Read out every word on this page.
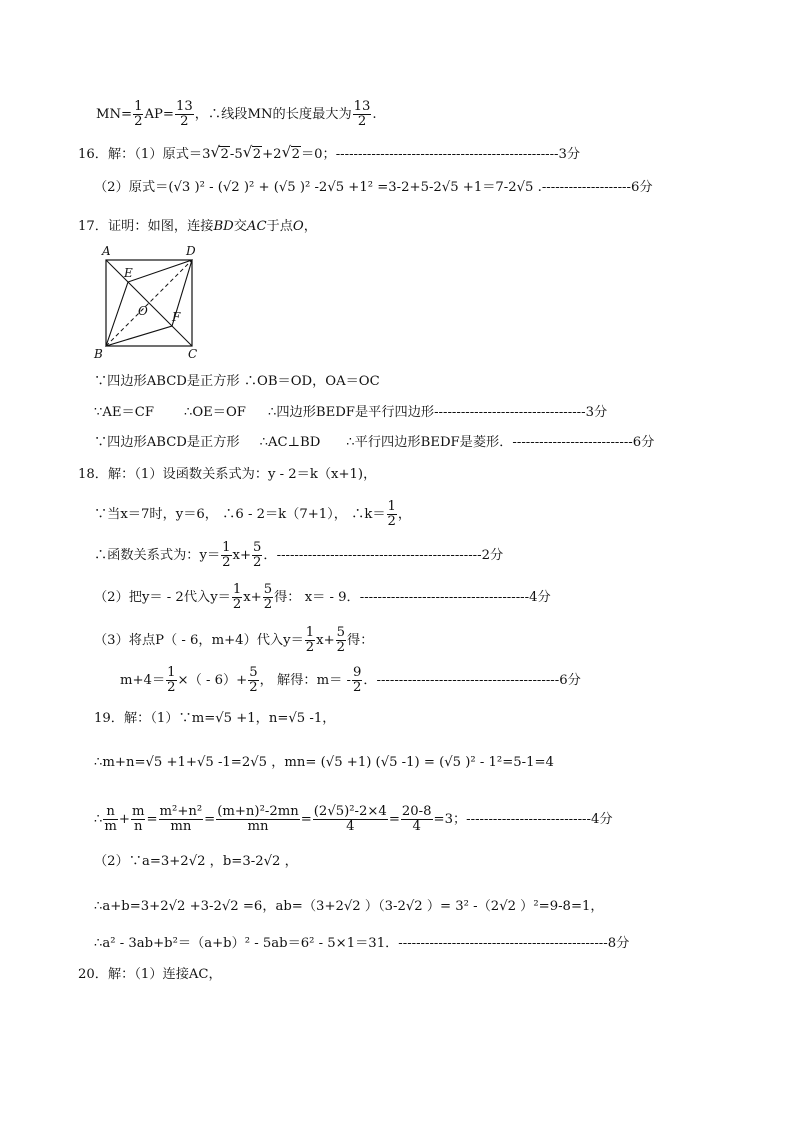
$MN= \frac{1}{2} AP= \frac{13}{2}$ ，∴线段MN的长度最大为 $\frac{13}{2}$ .
16．解：（1）原式＝3 √ 2-5 √ 2+2 √ 2＝0；--------------------------------------------------3分
（2）原式＝(√3 )² - (√2 )² + (√5 )² -2√5 +1² =3-2+5-2√5 +1＝7-2√5 .--------------------6分
17．证明：如图，连接BD交AC于点O，
A	D
E
O F
B	C
∵四边形ABCD是正方形 ∴OB＝OD，OA＝OC
∵AE＝CF ∴OE＝OF ∴四边形BEDF是平行四边形----------------------------------3分
∵四边形ABCD是正方形 ∴AC⊥BD ∴平行四边形BEDF是菱形．---------------------------6分
18．解：（1）设函数关系式为：y - 2＝k（x+1)，
∵当x＝7时，y＝6， ∴6 - 2＝k（7+1）， ∴k＝ $\frac{1}{2}$ ，
∴函数关系式为：$y= \frac{1}{2} x+ \frac{5}{2}$ ．----------------------------------------------2分
（2）把y＝ - 2代入$y= \frac{1}{2} x+ \frac{5}{2}$ 得： x＝ - 9．--------------------------------------4分
（3）将点P（ - 6，m+4）代入$y= \frac{1}{2} x+ \frac{5}{2}$ 得：
$m+4= \frac{1}{2}$ ×（ - $6)+ \frac{5}{2}$ ， 解得：$m= - \frac{9}{2}$ ．-----------------------------------------6分
19．解：（1）∵m=√5 +1，n=√5 -1，
∴m+n=√5 +1+√5 -1=2√5 ，mn= (√5 +1) (√5 -1) = (√5 )² - 1²=5-1=4
∴ $\frac{n}{m} + \frac{m}{n} = \frac{\text{m²+n²}}{mn} = \frac{\text{(m+n)²-2mn}}{mn} = \frac{\text{(2√5)²-2×4}}{4} = \frac{20-8}{4} =3$；----------------------------4分
（2）∵a=3+2√2 ，b=3-2√2 ，
∴a+b=3+2√2 +3-2√2 =6，ab=（3+2√2 ）（3-2√2 ）= 3² -（2√2 ）²=9-8=1，
∴a² - 3ab+b²＝（a+b）² - 5ab＝6² - 5×1＝31．-----------------------------------------------8分
20．解：（1）连接AC，
